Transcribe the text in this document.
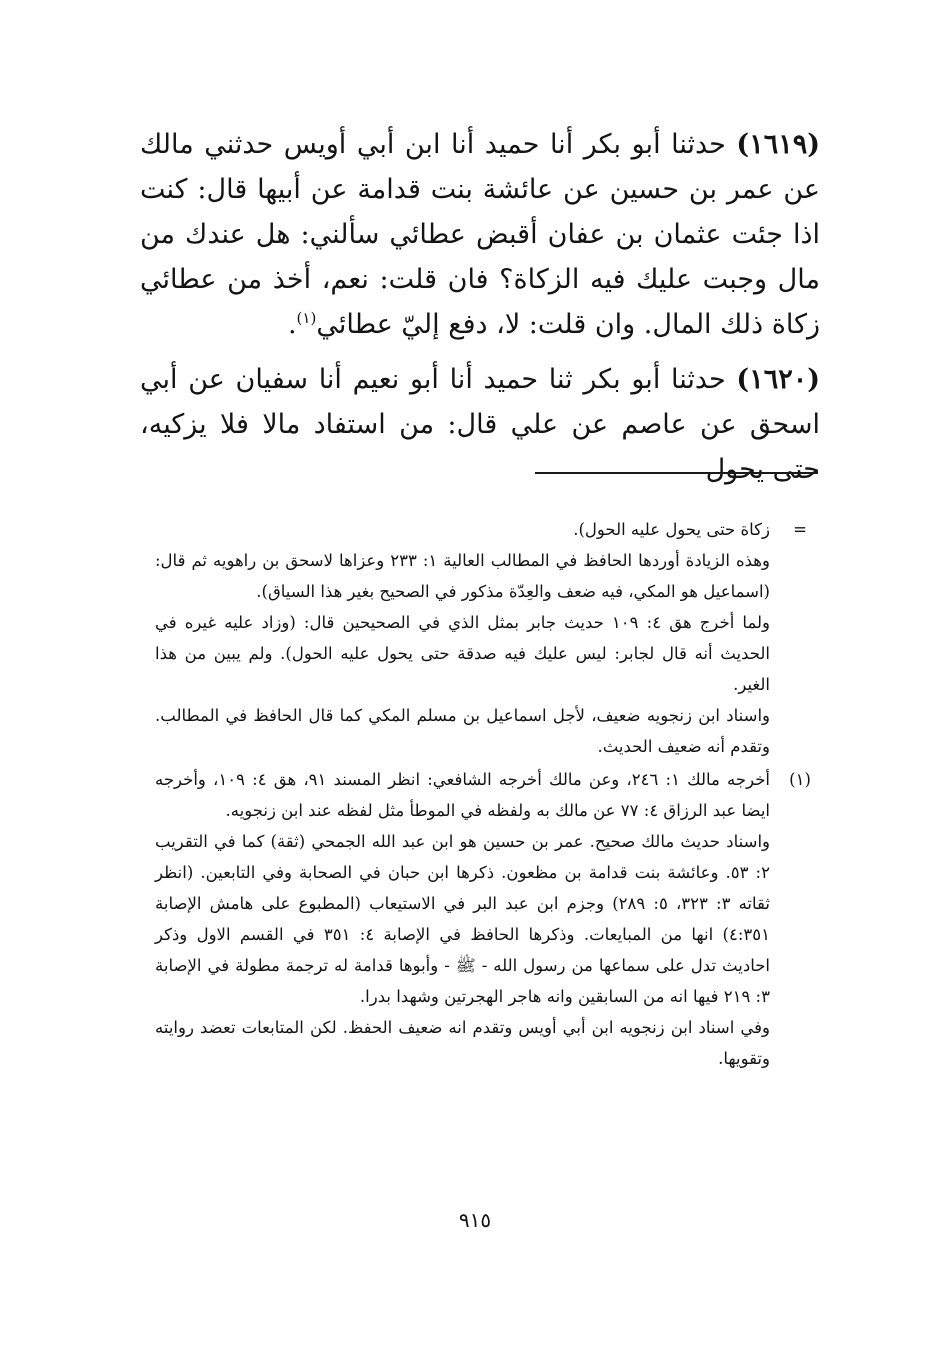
(١٦١٩) حدثنا أبو بكر أنا حميد أنا ابن أبي أويس حدثني مالك عن عمر بن حسين عن عائشة بنت قدامة عن أبيها قال: كنت اذا جئت عثمان بن عفان أقبض عطائي سألني: هل عندك من مال وجبت عليك فيه الزكاة؟ فان قلت: نعم، أخذ من عطائي زكاة ذلك المال. وان قلت: لا، دفع إليّ عطائي$^{(١)}$.

(١٦٢٠) حدثنا أبو بكر ثنا حميد أنا أبو نعيم أنا سفيان عن أبي اسحق عن عاصم عن علي قال: من استفاد مالا فلا يزكيه، حتى يحول

=
زكاة حتى يحول عليه الحول).
وهذه الزيادة أوردها الحافظ في المطالب العالية ١: ٢٣٣ وعزاها لاسحق بن راهويه ثم قال: (اسماعيل هو المكي، فيه ضعف والعِدّة مذكور في الصحيح بغير هذا السياق).
ولما أخرج هق ٤: ١٠٩ حديث جابر بمثل الذي في الصحيحين قال: (وزاد عليه غيره في الحديث أنه قال لجابر: ليس عليك فيه صدقة حتى يحول عليه الحول). ولم يبين من هذا الغير.
واسناد ابن زنجويه ضعيف، لأجل اسماعيل بن مسلم المكي كما قال الحافظ في المطالب. وتقدم أنه ضعيف الحديث.
(١)
أخرجه مالك ١: ٢٤٦، وعن مالك أخرجه الشافعي: انظر المسند ٩١، هق ٤: ١٠٩، وأخرجه ايضا عبد الرزاق ٤: ٧٧ عن مالك به ولفظه في الموطأ مثل لفظه عند ابن زنجويه.
واسناد حديث مالك صحيح. عمر بن حسين هو ابن عبد الله الجمحي (ثقة) كما في التقريب ٢: ٥٣. وعائشة بنت قدامة بن مظعون. ذكرها ابن حبان في الصحابة وفي التابعين. (انظر ثقاته ٣: ٣٢٣، ٥: ٢٨٩) وجزم ابن عبد البر في الاستيعاب (المطبوع على هامش الإصابة ٤:٣٥١) انها من المبايعات. وذكرها الحافظ في الإصابة ٤: ٣٥١ في القسم الاول وذكر احاديث تدل على سماعها من رسول الله - ﷺ - وأبوها قدامة له ترجمة مطولة في الإصابة ٣: ٢١٩ فيها انه من السابقين وانه هاجر الهجرتين وشهدا بدرا.
وفي اسناد ابن زنجويه ابن أبي أويس وتقدم انه ضعيف الحفظ. لكن المتابعات تعضد روايته وتقويها.
٩١٥
